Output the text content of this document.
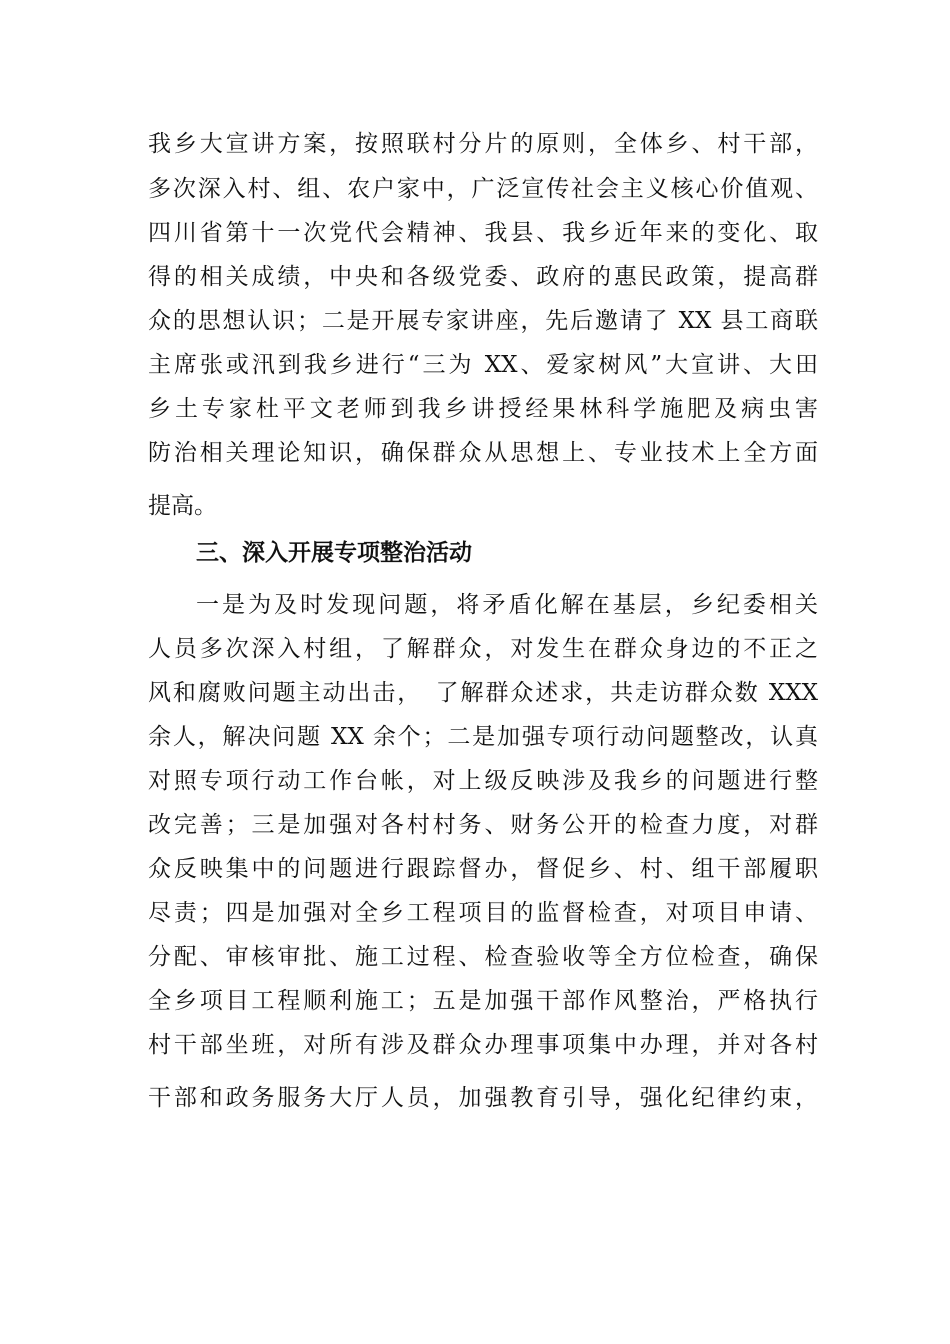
我乡大宣讲方案，按照联村分片的原则，全体乡、村干部，
多次深入村、组、农户家中，广泛宣传社会主义核心价值观、
四川省第十一次党代会精神、我县、我乡近年来的变化、取
得的相关成绩，中央和各级党委、政府的惠民政策，提高群
众的思想认识；二是开展专家讲座，先后邀请了 XX 县工商联
主席张或汛到我乡进行“三为 XX、爱家树风”大宣讲、大田
乡土专家杜平文老师到我乡讲授经果林科学施肥及病虫害
防治相关理论知识，确保群众从思想上、专业技术上全方面
提高。
三、深入开展专项整治活动
一是为及时发现问题，将矛盾化解在基层，乡纪委相关
人员多次深入村组，了解群众，对发生在群众身边的不正之
风和腐败问题主动出击，　了解群众述求，共走访群众数 XXX
余人，解决问题 XX 余个；二是加强专项行动问题整改，认真
对照专项行动工作台帐，对上级反映涉及我乡的问题进行整
改完善；三是加强对各村村务、财务公开的检查力度，对群
众反映集中的问题进行跟踪督办，督促乡、村、组干部履职
尽责；四是加强对全乡工程项目的监督检查，对项目申请、
分配、审核审批、施工过程、检查验收等全方位检查，确保
全乡项目工程顺利施工；五是加强干部作风整治，严格执行
村干部坐班，对所有涉及群众办理事项集中办理，并对各村
干部和政务服务大厅人员，加强教育引导，强化纪律约束，
